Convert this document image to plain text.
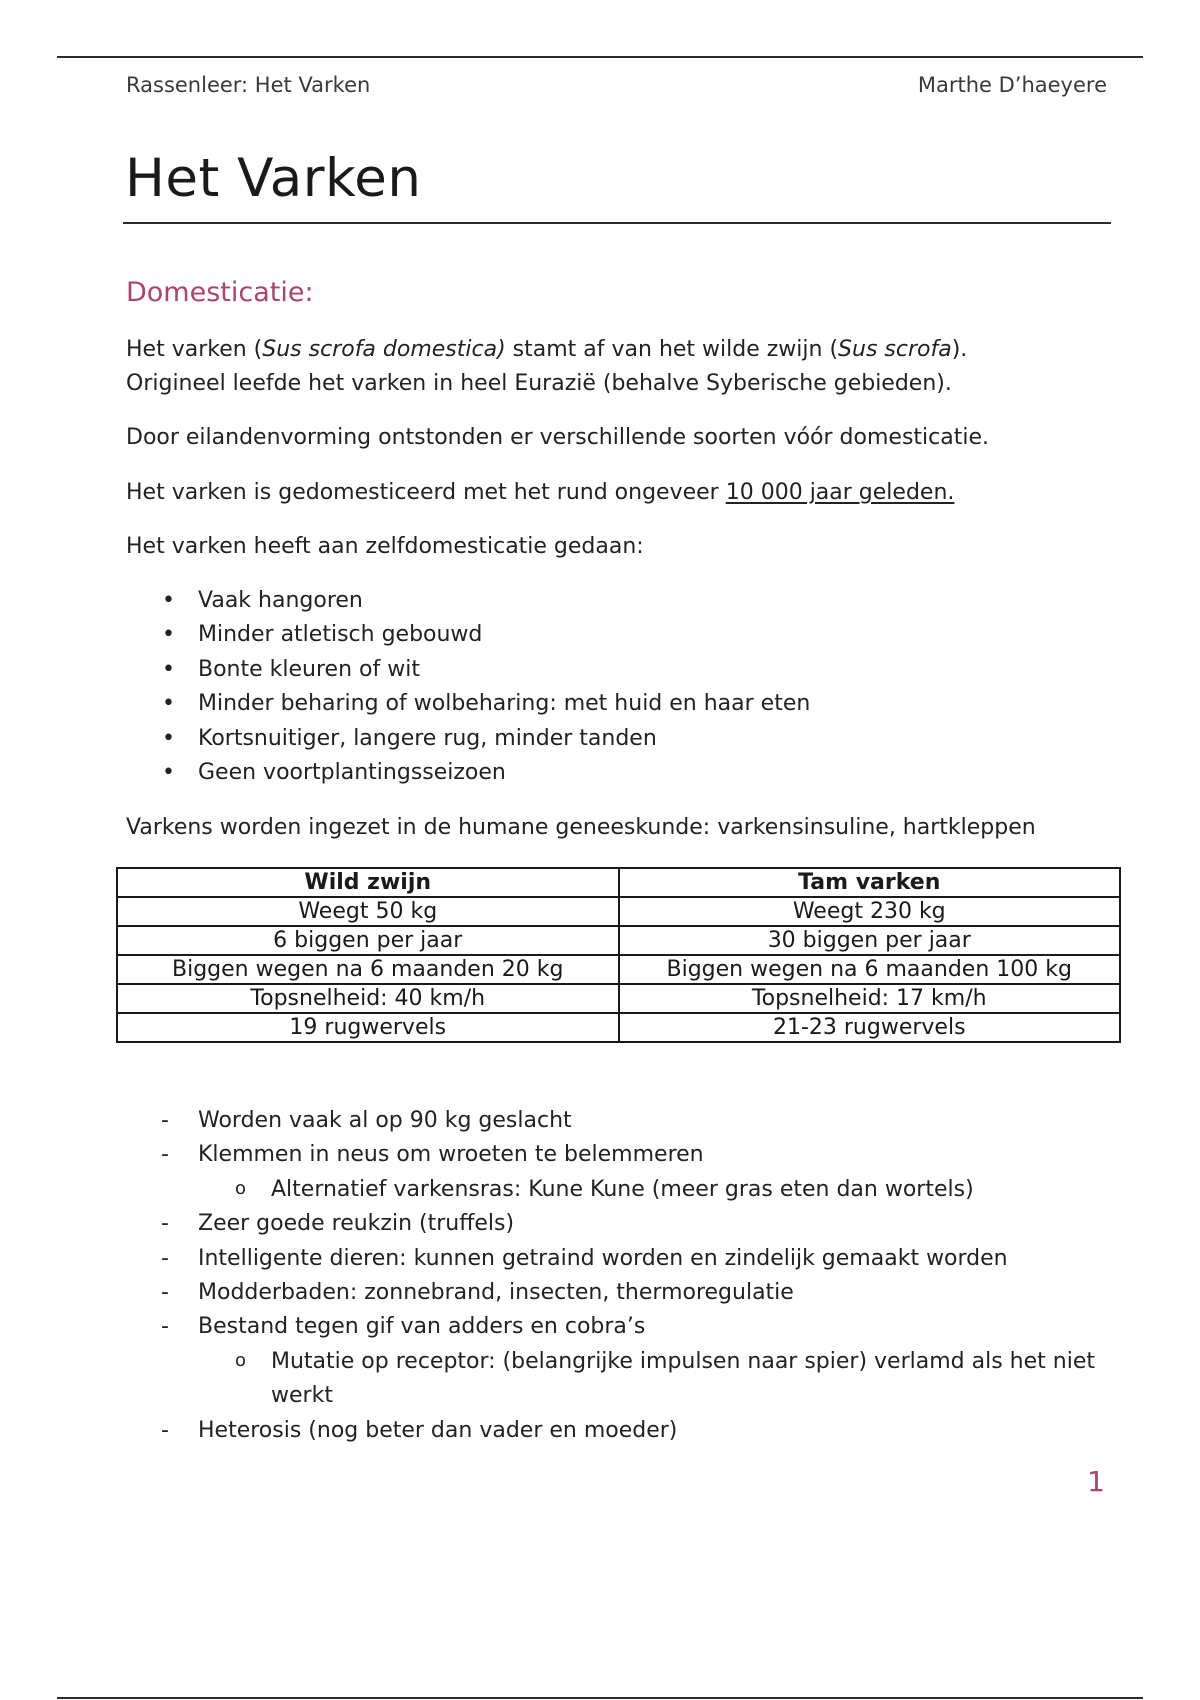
Rassenleer: Het Varken	Marthe D’haeyere
Het Varken
Domesticatie:

Het varken (Sus scrofa domestica) stamt af van het wilde zwijn (Sus scrofa).
Origineel leefde het varken in heel Eurazië (behalve Syberische gebieden).

Door eilandenvorming ontstonden er verschillende soorten vóór domesticatie.

Het varken is gedomesticeerd met het rund ongeveer 10 000 jaar geleden.

Het varken heeft aan zelfdomesticatie gedaan:

• Vaak hangoren
• Minder atletisch gebouwd
• Bonte kleuren of wit
• Minder beharing of wolbeharing: met huid en haar eten
• Kortsnuitiger, langere rug, minder tanden
• Geen voortplantingsseizoen

Varkens worden ingezet in de humane geneeskunde: varkensinsuline, hartkleppen

Wild zwijn	Tam varken
Weegt 50 kg	Weegt 230 kg
6 biggen per jaar	30 biggen per jaar
Biggen wegen na 6 maanden 20 kg	Biggen wegen na 6 maanden 100 kg
Topsnelheid: 40 km/h	Topsnelheid: 17 km/h
19 rugwervels	21-23 rugwervels
- Worden vaak al op 90 kg geslacht
- Klemmen in neus om wroeten te belemmeren
o Alternatief varkensras: Kune Kune (meer gras eten dan wortels)
- Zeer goede reukzin (truffels)
- Intelligente dieren: kunnen getraind worden en zindelijk gemaakt worden
- Modderbaden: zonnebrand, insecten, thermoregulatie
- Bestand tegen gif van adders en cobra’s
o Mutatie op receptor: (belangrijke impulsen naar spier) verlamd als het niet werkt
- Heterosis (nog beter dan vader en moeder)
1
